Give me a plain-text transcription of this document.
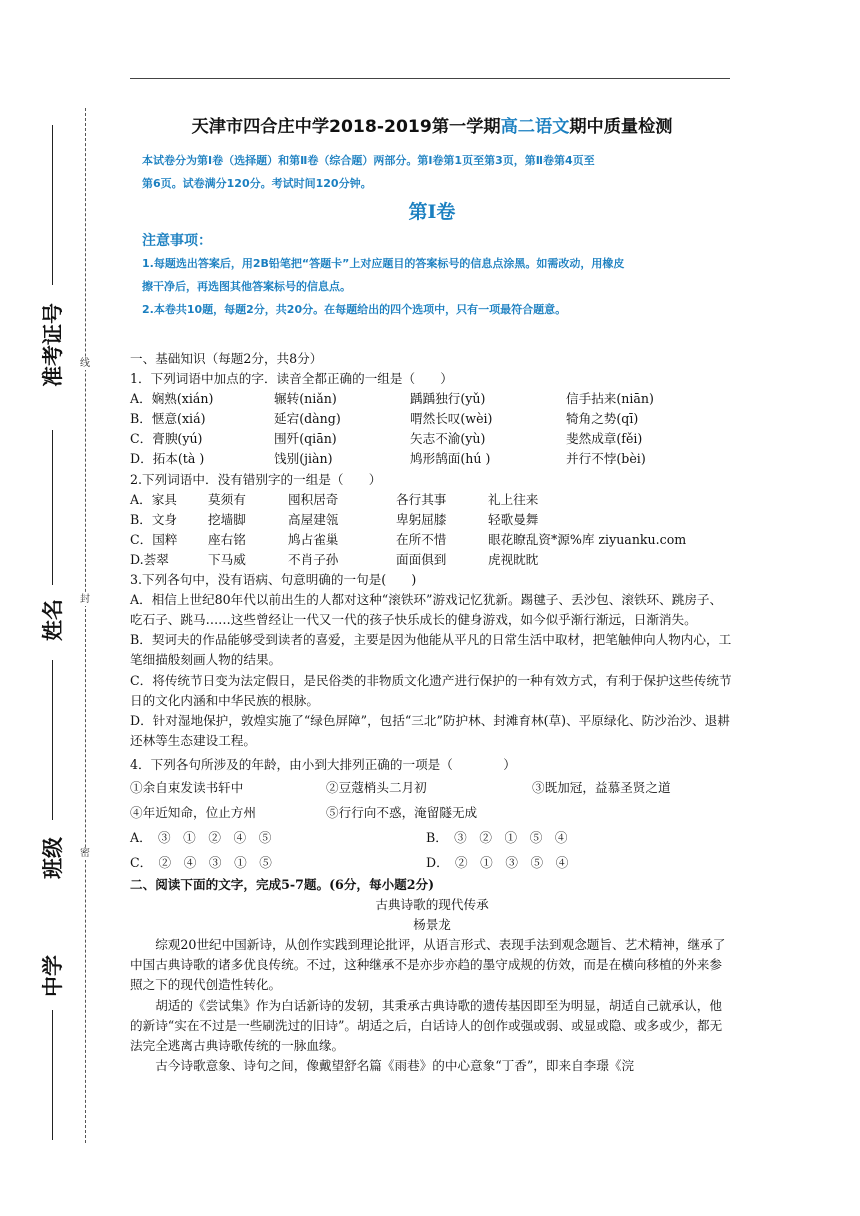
线
封
密
准考证号
姓名
班级
中学
天津市四合庄中学2018-2019第一学期高二语文期中质量检测
本试卷分为第Ⅰ卷（选择题）和第Ⅱ卷（综合题）两部分。第Ⅰ卷第1页至第3页，第Ⅱ卷第4页至
第6页。试卷满分120分。考试时间120分钟。
第Ⅰ卷
注意事项：
1.每题选出答案后，用2B铅笔把“答题卡”上对应题目的答案标号的信息点涂黑。如需改动，用橡皮
擦干净后，再选图其他答案标号的信息点。
2.本卷共10题，每题2分，共20分。在每题给出的四个选项中，只有一项最符合题意。
一、基础知识（每题2分，共8分）
1．下列词语中加点的字．读音全都正确的一组是（　　）
A．娴熟(xián)	辗转(niǎn)	踽踽独行(yǔ)	信手拈来(niān)
B．惬意(xiá)	延宕(dàng)	喟然长叹(wèi)	犄角之势(qī)
C．膏腴(yú)	围歼(qiān)	矢志不渝(yù)	斐然成章(fěi)
D．拓本(tà )	饯别(jiàn)	鸠形鹄面(hú )	并行不悖(bèi)
2.下列词语中．没有错别字的一组是（　　）
A．家具	莫须有	囤积居奇	各行其事	礼上往来
B．文身	挖墙脚	高屋建瓴	卑躬屈膝	轻歌曼舞
C．国粹	座右铭	鸠占雀巢	在所不惜	眼花瞭乱资*源%库 ziyuanku.com
D.荟翠	下马威	不肖子孙	面面俱到	虎视眈眈
3.下列各句中，没有语病、句意明确的一句是(　　)
A．相信上世纪80年代以前出生的人都对这种“滚铁环”游戏记忆犹新。踢毽子、丢沙包、滚铁环、跳房子、吃石子、跳马……这些曾经让一代又一代的孩子快乐成长的健身游戏，如今似乎渐行渐远，日渐消失。
B．契诃夫的作品能够受到读者的喜爱，主要是因为他能从平凡的日常生活中取材，把笔触伸向人物内心，工笔细描般刻画人物的结果。
C．将传统节日变为法定假日，是民俗类的非物质文化遗产进行保护的一种有效方式，有利于保护这些传统节日的文化内涵和中华民族的根脉。
D．针对湿地保护，敦煌实施了“绿色屏障”，包括“三北”防护林、封滩育林(草)、平原绿化、防沙治沙、退耕还林等生态建设工程。
4．下列各句所涉及的年龄，由小到大排列正确的一项是（　　　　）
①余自束发读书轩中	②豆蔻梢头二月初	③既加冠，益慕圣贤之道
④年近知命，位止方州	⑤行行向不惑，淹留隧无成
A．　③　①　②　④　⑤	B．　③　②　①　⑤　④
C．　②　④　③　①　⑤	D．　②　①　③　⑤　④
二、阅读下面的文字，完成5-7题。(6分，每小题2分)
古典诗歌的现代传承
杨景龙
综观20世纪中国新诗，从创作实践到理论批评，从语言形式、表现手法到观念题旨、艺术精神，继承了中国古典诗歌的诸多优良传统。不过，这种继承不是亦步亦趋的墨守成规的仿效，而是在横向移植的外来参照之下的现代创造性转化。
胡适的《尝试集》作为白话新诗的发轫，其秉承古典诗歌的遗传基因即至为明显，胡适自己就承认，他的新诗“实在不过是一些刷洗过的旧诗”。胡适之后，白话诗人的创作或强或弱、或显或隐、或多或少，都无法完全逃离古典诗歌传统的一脉血缘。
古今诗歌意象、诗句之间，像戴望舒名篇《雨巷》的中心意象“丁香”，即来自李璟《浣
